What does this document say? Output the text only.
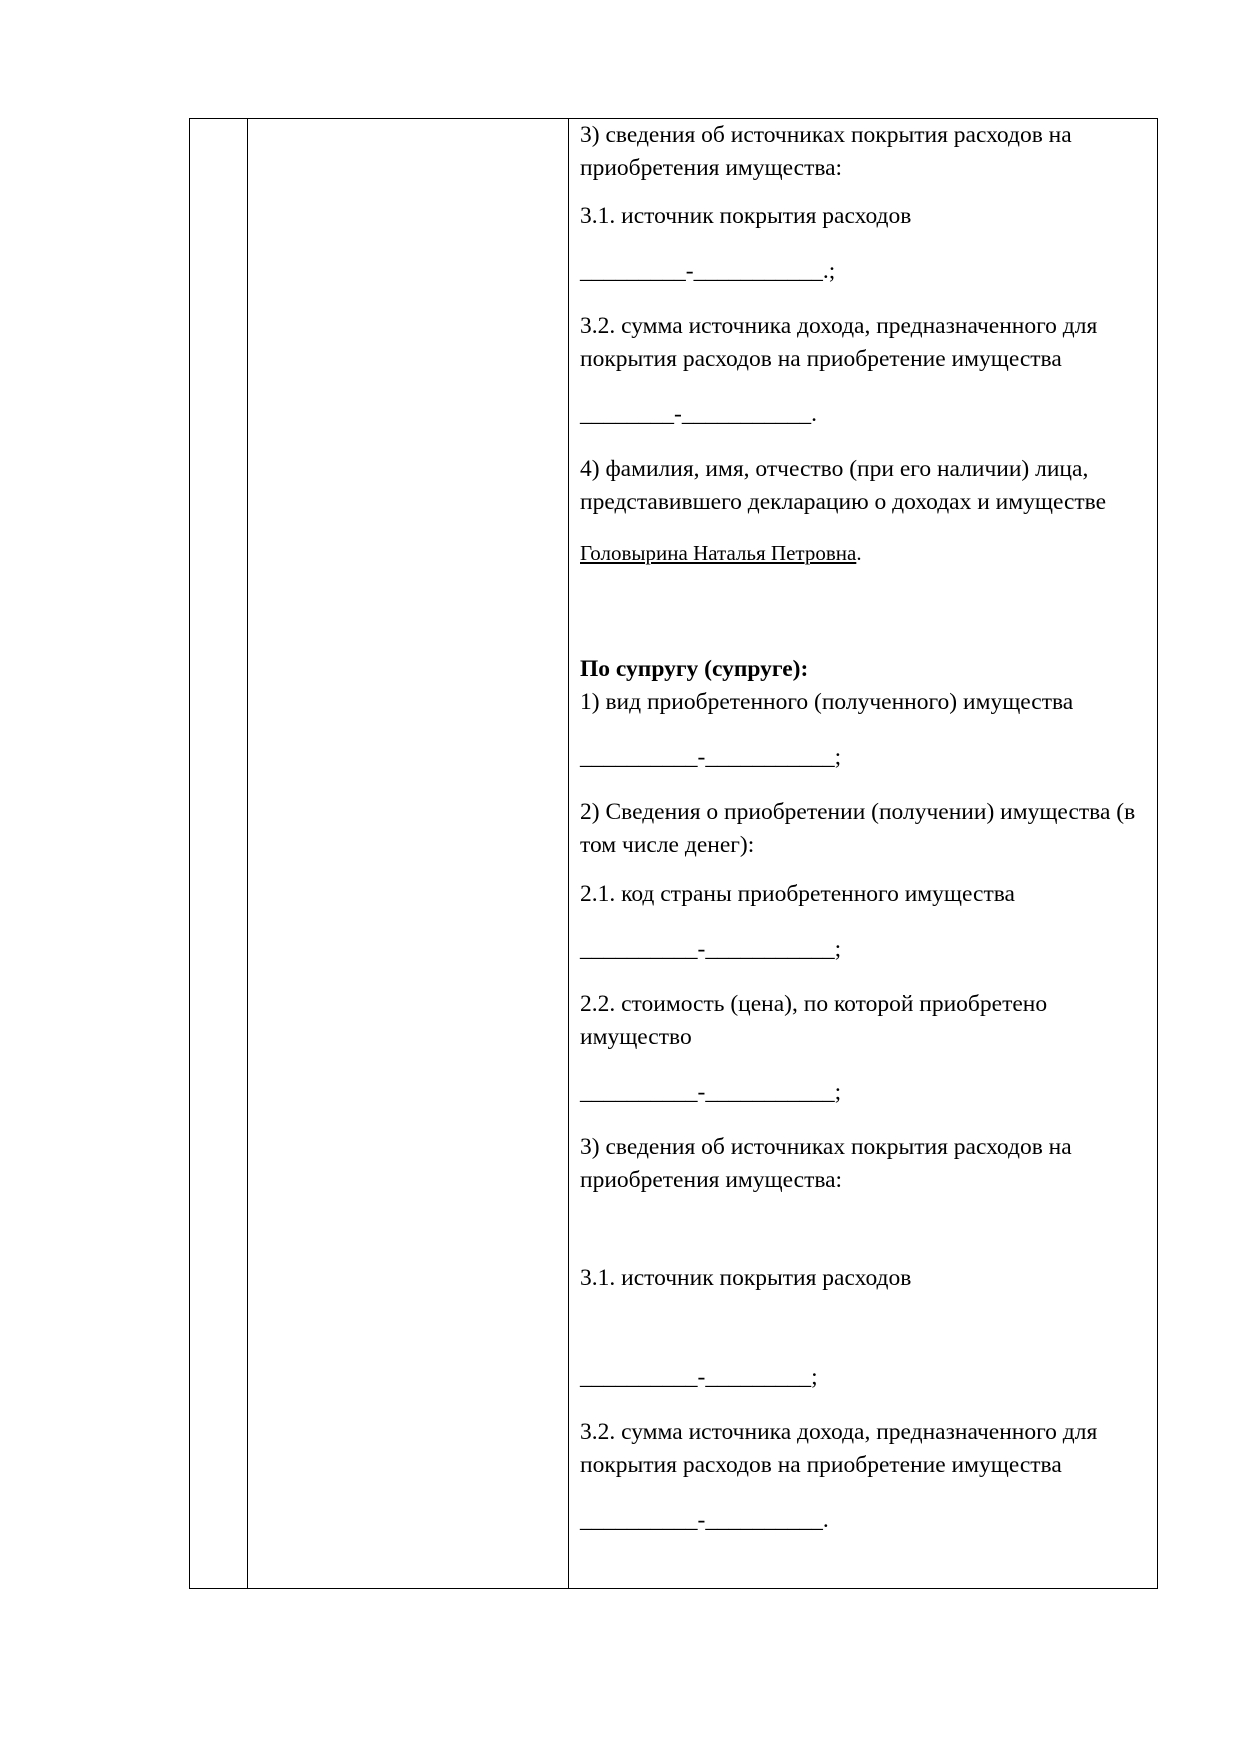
3) сведения об источниках покрытия расходов на приобретения имущества:

3.1. источник покрытия расходов

_________-___________.;

3.2. сумма источника дохода, предназначенного для покрытия расходов на приобретение имущества

________-___________.

4) фамилия, имя, отчество (при его наличии) лица, представившего декларацию о доходах и имуществе

Головырина Наталья Петровна.

По супругу (супруге):

1) вид приобретенного (полученного) имущества

__________-___________;

2) Сведения о приобретении (получении) имущества (в том числе денег):

2.1. код страны приобретенного имущества

__________-___________;

2.2. стоимость (цена), по которой приобретено имущество

__________-___________;

3) сведения об источниках покрытия расходов на приобретения имущества:

3.1. источник покрытия расходов

__________-_________;

3.2. сумма источника дохода, предназначенного для покрытия расходов на приобретение имущества

__________-__________.
